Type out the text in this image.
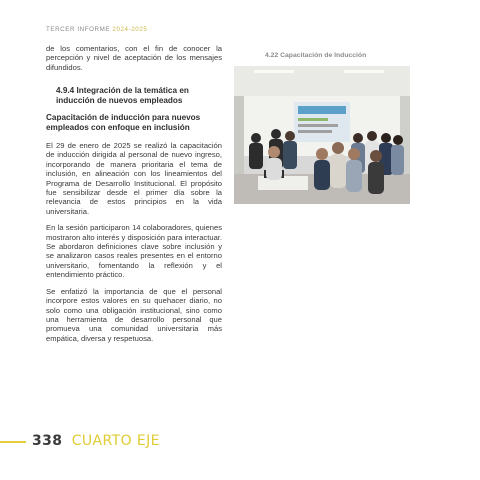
TERCER INFORME 2024-2025

de los comentarios, con el fin de conocer la percepción y nivel de aceptación de los mensajes difundidos.

4.9.4 Integración de la temática en inducción de nuevos empleados
Capacitación de inducción para nuevos empleados con enfoque en inclusión

El 29 de enero de 2025 se realizó la capacitación de inducción dirigida al personal de nuevo ingreso, incorporando de manera prioritaria el tema de inclusión, en alineación con los lineamientos del Programa de Desarrollo Institucional. El propósito fue sensibilizar desde el primer día sobre la relevancia de estos principios en la vida universitaria.

En la sesión participaron 14 colaboradores, quienes mostraron alto interés y disposición para interactuar. Se abordaron definiciones clave sobre inclusión y se analizaron casos reales presentes en el entorno universitario, fomentando la reflexión y el entendimiento práctico.

Se enfatizó la importancia de que el personal incorpore estos valores en su quehacer diario, no solo como una obligación institucional, sino como una herramienta de desarrollo personal que promueva una comunidad universitaria más empática, diversa y respetuosa.

4.22 Capacitación de Inducción
338 CUARTO EJE
